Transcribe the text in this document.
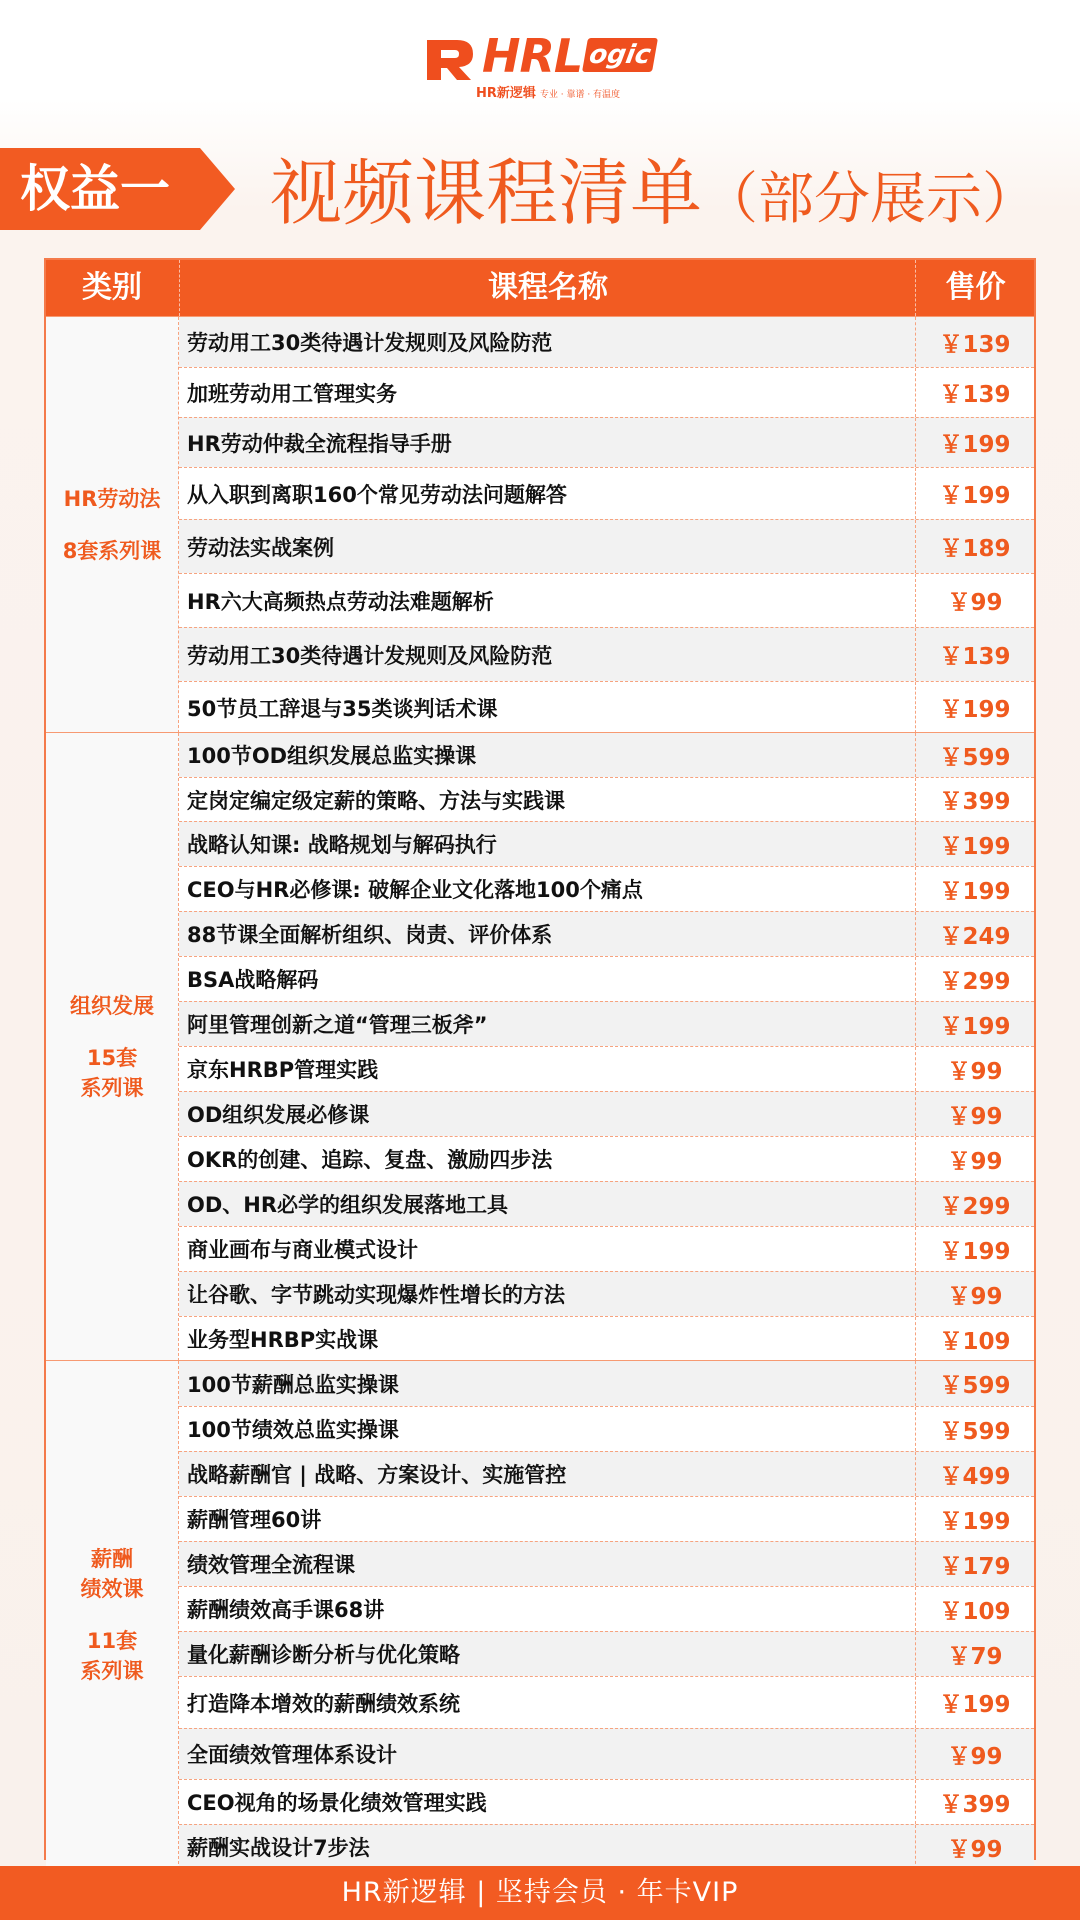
HRL ogic
HR新逻辑 专业 · 靠谱 · 有温度
权益一 视频课程清单（部分展示）
类别	课程名称	售价
HR劳动法
8套系列课
劳动用工30类待遇计发规则及风险防范	￥139
加班劳动用工管理实务	￥139
HR劳动仲裁全流程指导手册	￥199
从入职到离职160个常见劳动法问题解答	￥199
劳动法实战案例	￥189
HR六大高频热点劳动法难题解析	￥99
劳动用工30类待遇计发规则及风险防范	￥139
50节员工辞退与35类谈判话术课	￥199
组织发展
15套
系列课
100节OD组织发展总监实操课	￥599
定岗定编定级定薪的策略、方法与实践课	￥399
战略认知课: 战略规划与解码执行	￥199
CEO与HR必修课: 破解企业文化落地100个痛点	￥199
88节课全面解析组织、岗责、评价体系	￥249
BSA战略解码	￥299
阿里管理创新之道“管理三板斧”	￥199
京东HRBP管理实践	￥99
OD组织发展必修课	￥99
OKR的创建、追踪、复盘、激励四步法	￥99
OD、HR必学的组织发展落地工具	￥299
商业画布与商业模式设计	￥199
让谷歌、字节跳动实现爆炸性增长的方法	￥99
业务型HRBP实战课	￥109
薪酬
绩效课
11套
系列课
100节薪酬总监实操课	￥599
100节绩效总监实操课	￥599
战略薪酬官 | 战略、方案设计、实施管控	￥499
薪酬管理60讲	￥199
绩效管理全流程课	￥179
薪酬绩效高手课68讲	￥109
量化薪酬诊断分析与优化策略	￥79
打造降本增效的薪酬绩效系统	￥199
全面绩效管理体系设计	￥99
CEO视角的场景化绩效管理实践	￥399
薪酬实战设计7步法	￥99
HR新逻辑 | 坚持会员 · 年卡VIP
